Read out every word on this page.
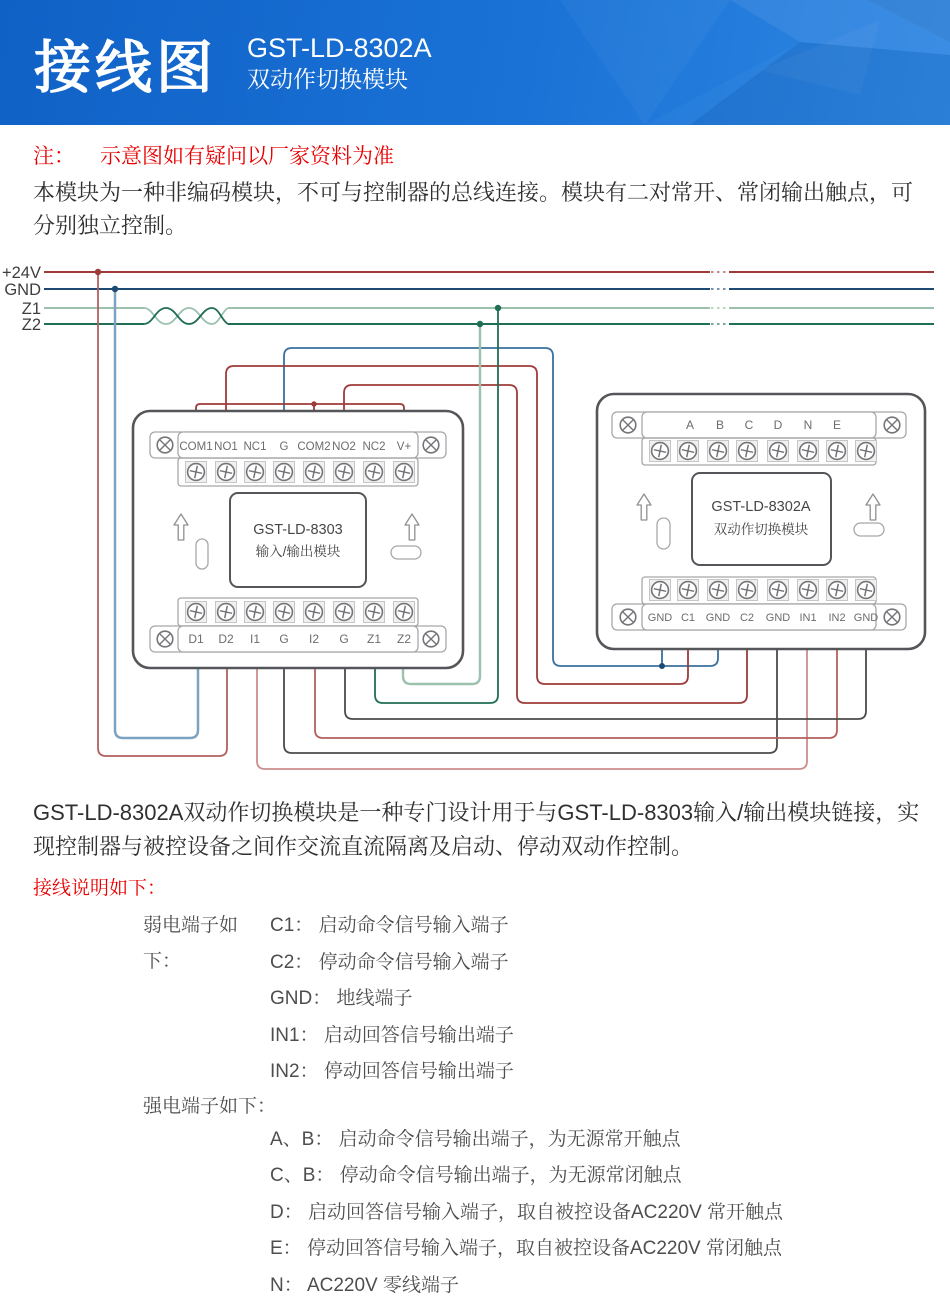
接线图 GST-LD-8302A
双动作切换模块
注： 示意图如有疑问以厂家资料为准
本模块为一种非编码模块，不可与控制器的总线连接。模块有二对常开、常闭输出触点，可分别独立控制。
+24V
GND
Z1
Z2
GST-LD-8303
输入/输出模块
GST-LD-8302A
双动作切换模块
COM1 NO1 NC1 G COM2 NO2 NC2 V+
D1 D2 I1 G I2 G Z1 Z2
A B C D N E
GND C1 GND C2 GND IN1 IN2 GND
GST-LD-8302A双动作切换模块是一种专门设计用于与GST-LD-8303输入/输出模块链接，实现控制器与被控设备之间作交流直流隔离及启动、停动双动作控制。
接线说明如下：
弱电端子如下：
C1： 启动命令信号输入端子
C2： 停动命令信号输入端子
GND： 地线端子
IN1： 启动回答信号输出端子
IN2： 停动回答信号输出端子
强电端子如下：
A、B： 启动命令信号输出端子，为无源常开触点
C、B： 停动命令信号输出端子，为无源常闭触点
D： 启动回答信号输入端子，取自被控设备AC220V 常开触点
E： 停动回答信号输入端子，取自被控设备AC220V 常闭触点
N： AC220V 零线端子
